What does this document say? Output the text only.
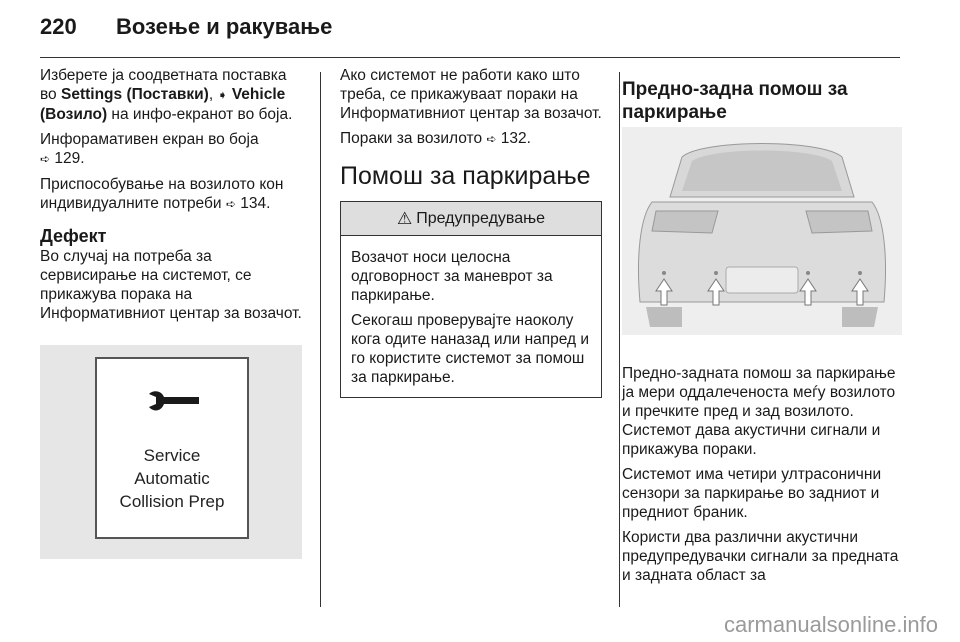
220 Возење и ракување

Изберете ја соодветната поставка во Settings (Поставки), ➧ Vehicle (Возило) на инфо-екранот во боја.

Инфорамативен екран во боја
➪ 129.

Приспособување на возилото кон индивидуалните потреби ➪ 134.

Дефект

Во случај на потреба за сервисирање на системот, се прикажува порака на Информативниот центар за возачот.

Service
Automatic
Collision Prep

Ако системот не работи како што треба, се прикажуваат пораки на Информативниот центар за возачот.

Пораки за возилото ➪ 132.

Помош за паркирање
⚠ Предупредување

Возачот носи целосна одговорност за маневрот за паркирање.

Секогаш проверувајте наоколу кога одите наназад или напред и го користите системот за помош за паркирање.

Предно-задна помош за паркирање

Предно-задната помош за паркирање ја мери оддалеченоста меѓу возилото и пречките пред и зад возилото. Системот дава акустични сигнали и прикажува пораки.

Системот има четири ултрасонични сензори за паркирање во задниот и предниот браник.

Користи два различни акустични предупредувачки сигнали за предната и задната област за

carmanualsonline.info
